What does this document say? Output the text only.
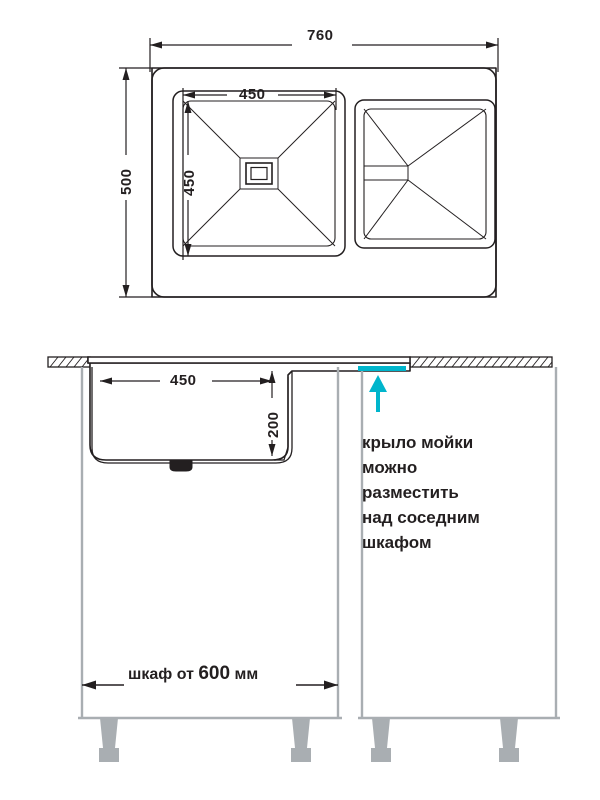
760
500
450
450
450
200
крыло мойки
можно
разместить
над соседним
шкафом
шкаф от 600 мм
